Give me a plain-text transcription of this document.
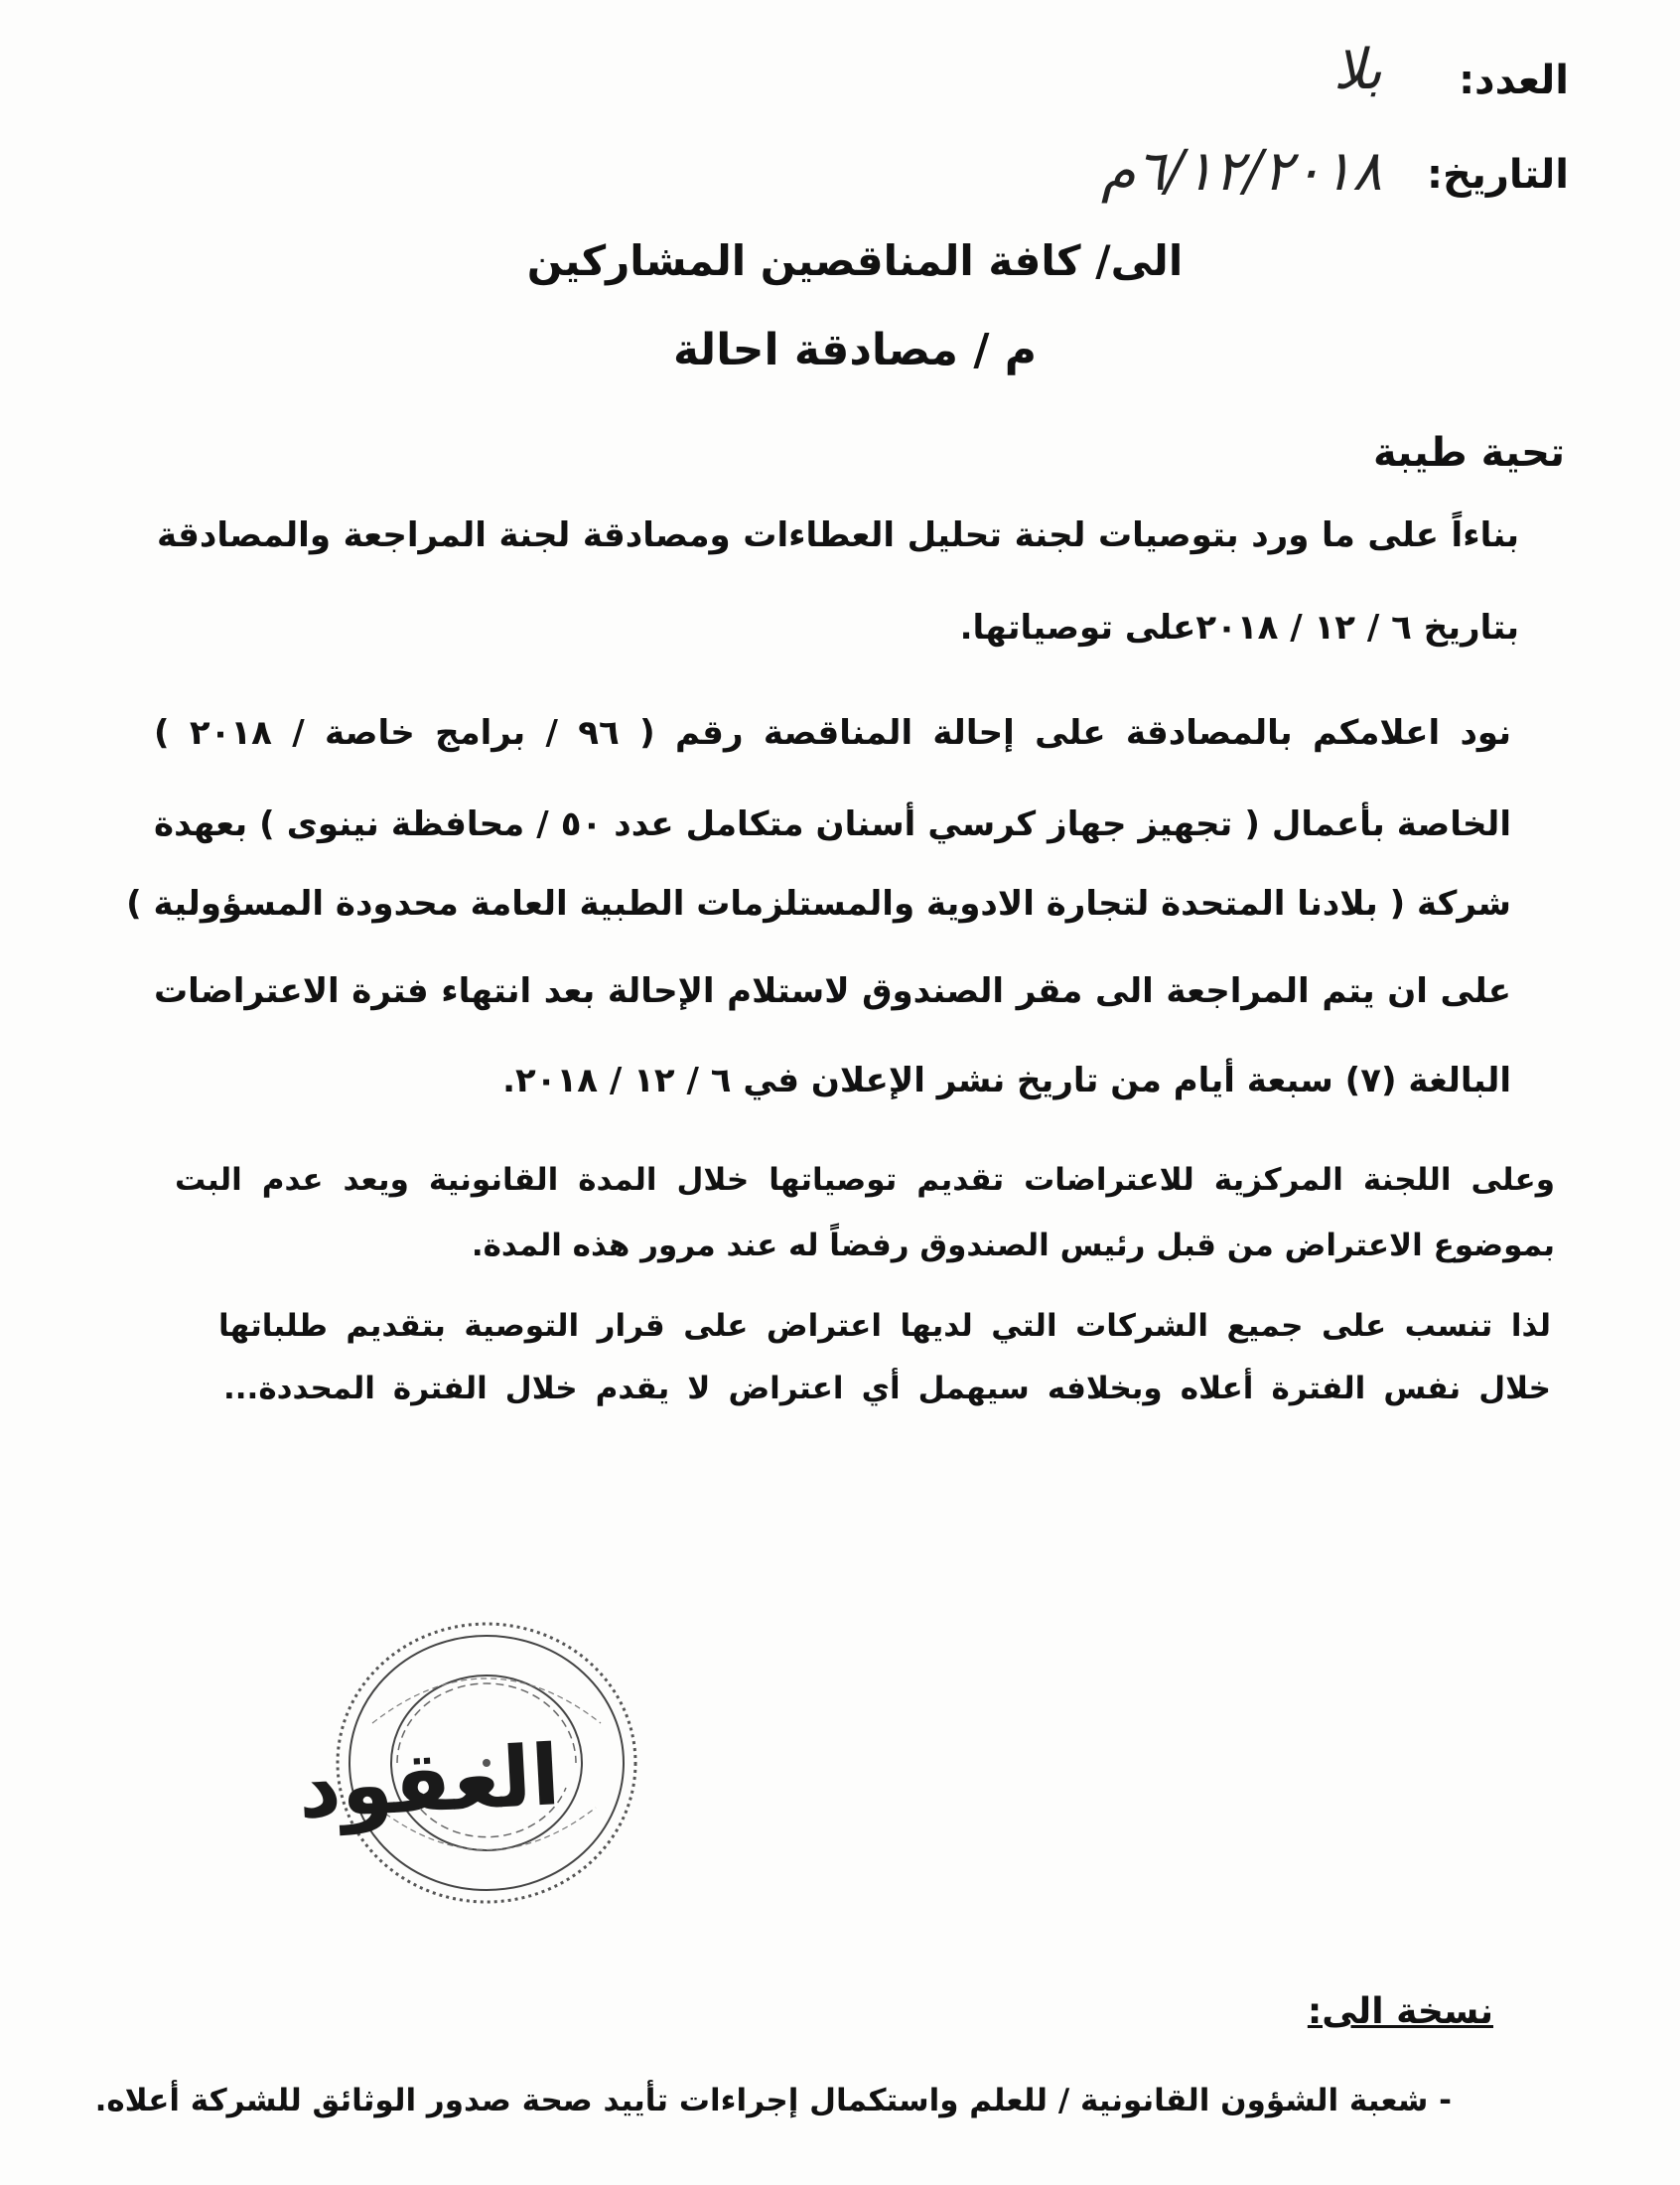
العدد:
بلا
التاريخ:
٦/١٢/٢٠١٨م
الى/ كافة المناقصين المشاركين
م / مصادقة احالة
تحية طيبة
بناءاً على ما ورد بتوصيات لجنة تحليل العطاءات ومصادقة لجنة المراجعة والمصادقة
بتاريخ ٦ / ١٢ / ٢٠١٨على توصياتها.
نود اعلامكم بالمصادقة على إحالة المناقصة رقم ( ٩٦ / برامج خاصة / ٢٠١٨ )
الخاصة بأعمال ( تجهيز جهاز كرسي أسنان متكامل عدد ٥٠ / محافظة نينوى ) بعهدة
شركة ( بلادنا المتحدة لتجارة الادوية والمستلزمات الطبية العامة محدودة المسؤولية )
على ان يتم المراجعة الى مقر الصندوق لاستلام الإحالة بعد انتهاء فترة الاعتراضات
البالغة (٧) سبعة أيام من تاريخ نشر الإعلان في ٦ / ١٢ / ٢٠١٨.
وعلى اللجنة المركزية للاعتراضات تقديم توصياتها خلال المدة القانونية ويعد عدم البت
بموضوع الاعتراض من قبل رئيس الصندوق رفضاً له عند مرور هذه المدة.
لذا تنسب على جميع الشركات التي لديها اعتراض على قرار التوصية بتقديم طلباتها
خلال نفس الفترة أعلاه وبخلافه سيهمل أي اعتراض لا يقدم خلال الفترة المحددة...
العقود
نسخة الى:
- شعبة الشؤون القانونية / للعلم واستكمال إجراءات تأييد صحة صدور الوثائق للشركة أعلاه.
